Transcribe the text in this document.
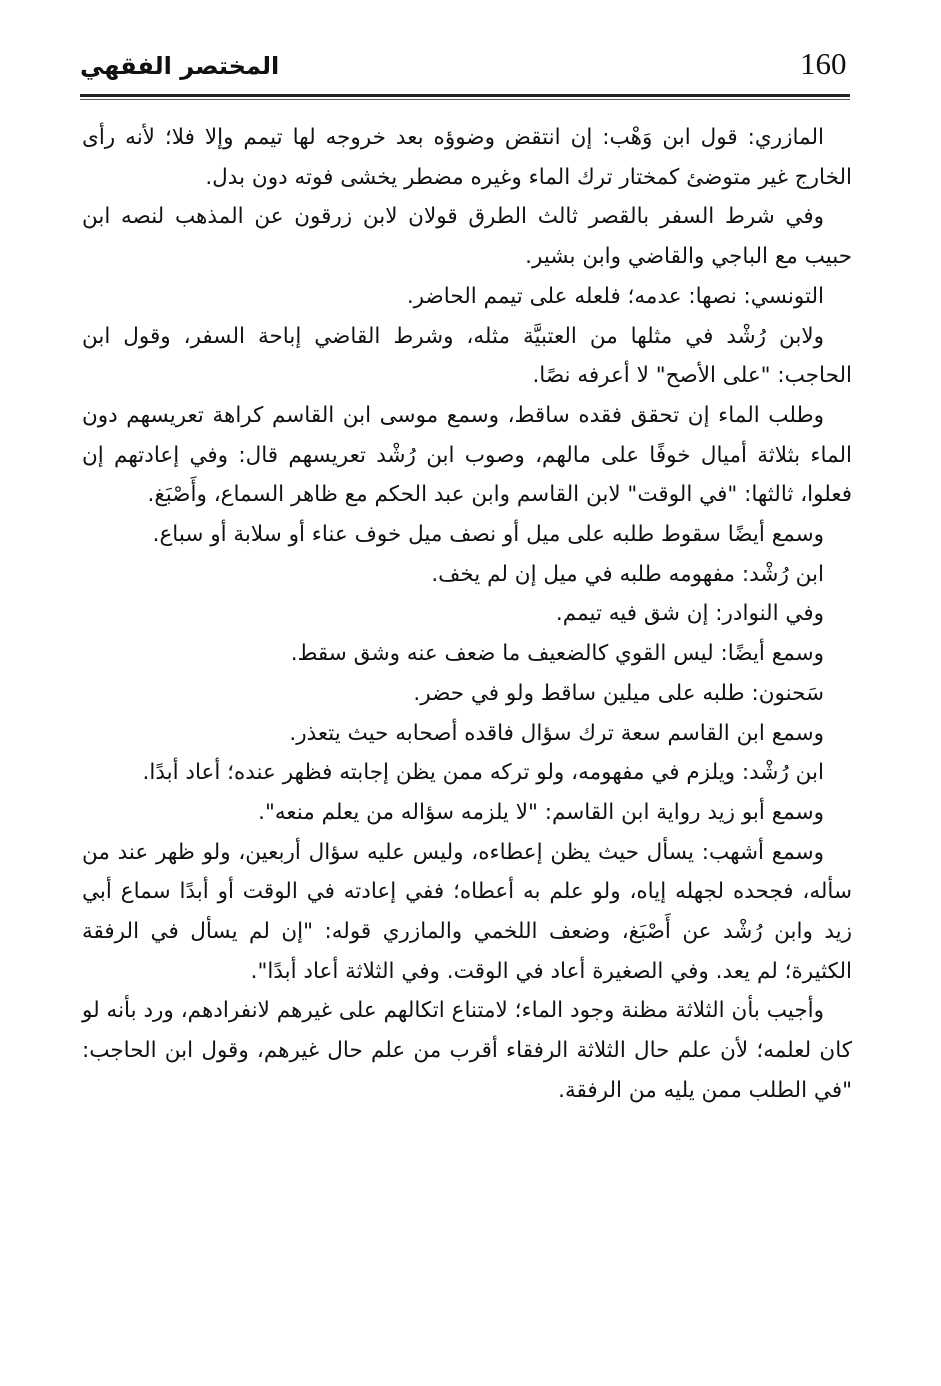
160
المختصر الفقهي

المازري: قول ابن وَهْب: إن انتقض وضوؤه بعد خروجه لها تيمم وإلا فلا؛ لأنه رأى الخارج غير متوضئ كمختار ترك الماء وغيره مضطر يخشى فوته دون بدل.

وفي شرط السفر بالقصر ثالث الطرق قولان لابن زرقون عن المذهب لنصه ابن حبيب مع الباجي والقاضي وابن بشير.

التونسي: نصها: عدمه؛ فلعله على تيمم الحاضر.

ولابن رُشْد في مثلها من العتبيَّة مثله، وشرط القاضي إباحة السفر، وقول ابن الحاجب: "على الأصح" لا أعرفه نصًا.

وطلب الماء إن تحقق فقده ساقط، وسمع موسى ابن القاسم كراهة تعريسهم دون الماء بثلاثة أميال خوفًا على مالهم، وصوب ابن رُشْد تعريسهم قال: وفي إعادتهم إن فعلوا، ثالثها: "في الوقت" لابن القاسم وابن عبد الحكم مع ظاهر السماع، وأَصْبَغ.

وسمع أيضًا سقوط طلبه على ميل أو نصف ميل خوف عناء أو سلابة أو سباع.

ابن رُشْد: مفهومه طلبه في ميل إن لم يخف.

وفي النوادر: إن شق فيه تيمم.

وسمع أيضًا: ليس القوي كالضعيف ما ضعف عنه وشق سقط.

سَحنون: طلبه على ميلين ساقط ولو في حضر.

وسمع ابن القاسم سعة ترك سؤال فاقده أصحابه حيث يتعذر.

ابن رُشْد: ويلزم في مفهومه، ولو تركه ممن يظن إجابته فظهر عنده؛ أعاد أبدًا.

وسمع أبو زيد رواية ابن القاسم: "لا يلزمه سؤاله من يعلم منعه".

وسمع أشهب: يسأل حيث يظن إعطاءه، وليس عليه سؤال أربعين، ولو ظهر عند من سأله، فجحده لجهله إياه، ولو علم به أعطاه؛ ففي إعادته في الوقت أو أبدًا سماع أبي زيد وابن رُشْد عن أَصْبَغ، وضعف اللخمي والمازري قوله: "إن لم يسأل في الرفقة الكثيرة؛ لم يعد. وفي الصغيرة أعاد في الوقت. وفي الثلاثة أعاد أبدًا".

وأجيب بأن الثلاثة مظنة وجود الماء؛ لامتناع اتكالهم على غيرهم لانفرادهم، ورد بأنه لو كان لعلمه؛ لأن علم حال الثلاثة الرفقاء أقرب من علم حال غيرهم، وقول ابن الحاجب: "في الطلب ممن يليه من الرفقة.
